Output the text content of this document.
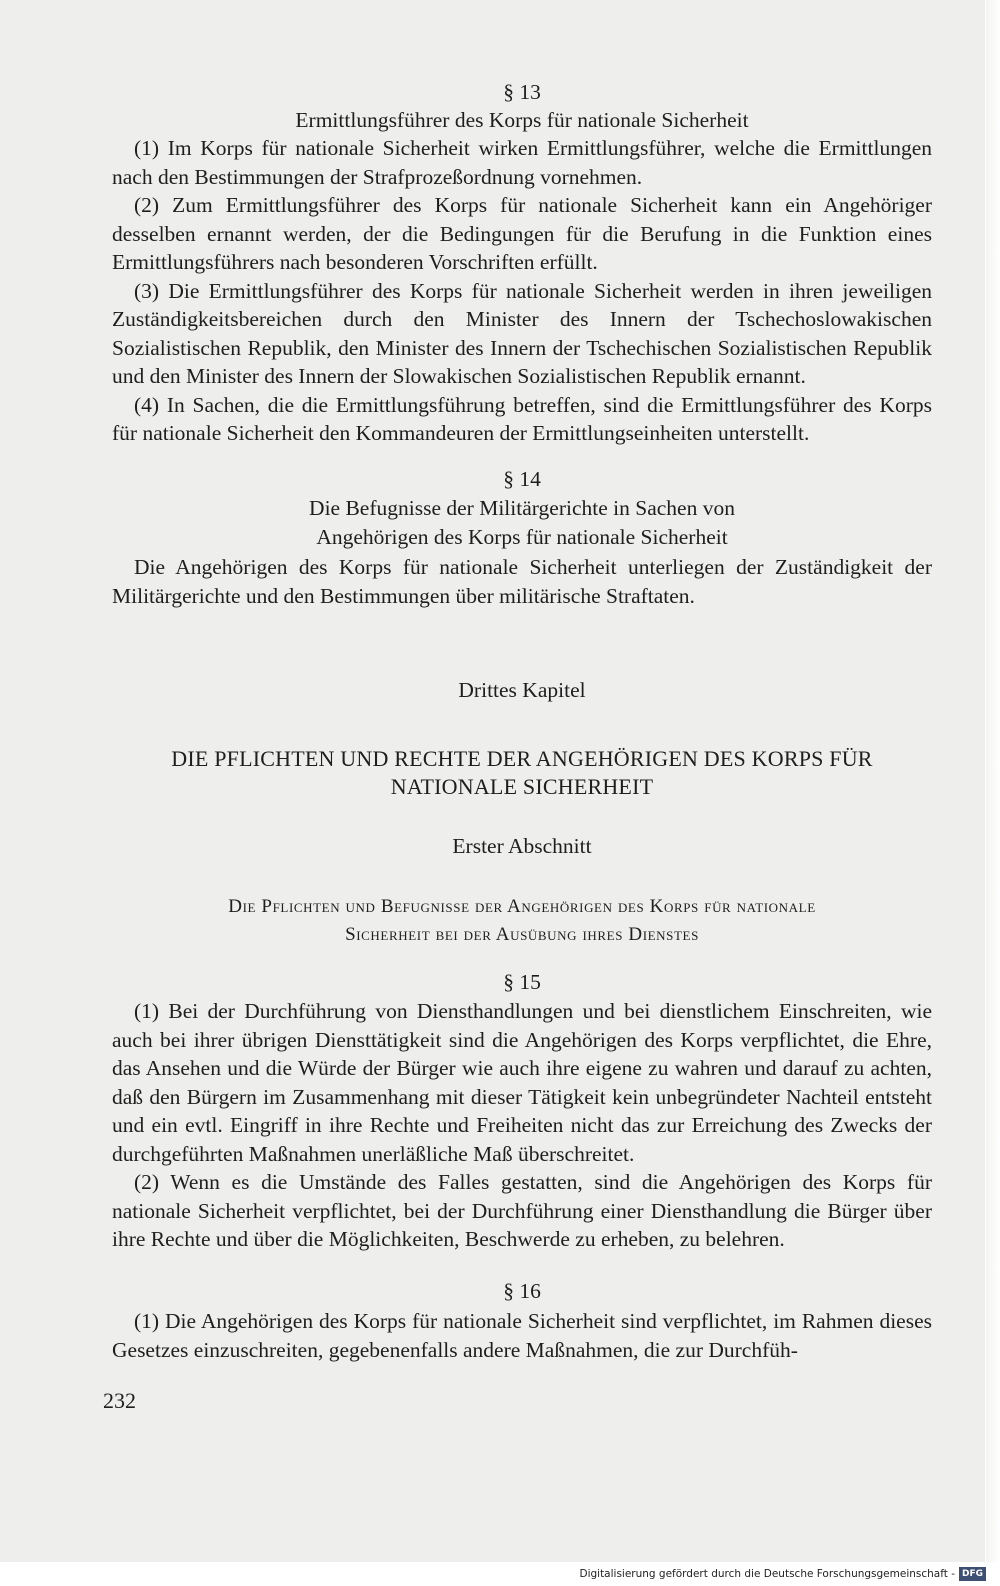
§ 13
Ermittlungsführer des Korps für nationale Sicherheit

(1) Im Korps für nationale Sicherheit wirken Ermittlungsführer, welche die Ermittlungen nach den Bestimmungen der Strafprozeßordnung vornehmen.

(2) Zum Ermittlungsführer des Korps für nationale Sicherheit kann ein Angehöriger desselben ernannt werden, der die Bedingungen für die Berufung in die Funktion eines Ermittlungsführers nach besonderen Vorschriften erfüllt.

(3) Die Ermittlungsführer des Korps für nationale Sicherheit werden in ihren jeweiligen Zuständigkeitsbereichen durch den Minister des Innern der Tschechoslowakischen Sozialistischen Republik, den Minister des Innern der Tschechischen Sozialistischen Republik und den Minister des Innern der Slowakischen Sozialistischen Republik ernannt.

(4) In Sachen, die die Ermittlungsführung betreffen, sind die Ermittlungsführer des Korps für nationale Sicherheit den Kommandeuren der Ermittlungseinheiten unterstellt.

§ 14
Die Befugnisse der Militärgerichte in Sachen von
Angehörigen des Korps für nationale Sicherheit

Die Angehörigen des Korps für nationale Sicherheit unterliegen der Zuständigkeit der Militärgerichte und den Bestimmungen über militärische Straftaten.

Drittes Kapitel
DIE PFLICHTEN UND RECHTE DER ANGEHÖRIGEN DES KORPS FÜR
NATIONALE SICHERHEIT
Erster Abschnitt
Die Pflichten und Befugnisse der Angehörigen des Korps für nationale
Sicherheit bei der Ausübung ihres Dienstes
§ 15

(1) Bei der Durchführung von Diensthandlungen und bei dienstlichem Einschreiten, wie auch bei ihrer übrigen Diensttätigkeit sind die Angehörigen des Korps verpflichtet, die Ehre, das Ansehen und die Würde der Bürger wie auch ihre eigene zu wahren und darauf zu achten, daß den Bürgern im Zusammenhang mit dieser Tätigkeit kein unbegründeter Nachteil entsteht und ein evtl. Eingriff in ihre Rechte und Freiheiten nicht das zur Erreichung des Zwecks der durchgeführten Maßnahmen unerläßliche Maß überschreitet.

(2) Wenn es die Umstände des Falles gestatten, sind die Angehörigen des Korps für nationale Sicherheit verpflichtet, bei der Durchführung einer Diensthandlung die Bürger über ihre Rechte und über die Möglichkeiten, Beschwerde zu erheben, zu belehren.

§ 16

(1) Die Angehörigen des Korps für nationale Sicherheit sind verpflichtet, im Rahmen dieses Gesetzes einzuschreiten, gegebenenfalls andere Maßnahmen, die zur Durchfüh-

232
Digitalisierung gefördert durch die Deutsche Forschungsgemeinschaft - DFG
